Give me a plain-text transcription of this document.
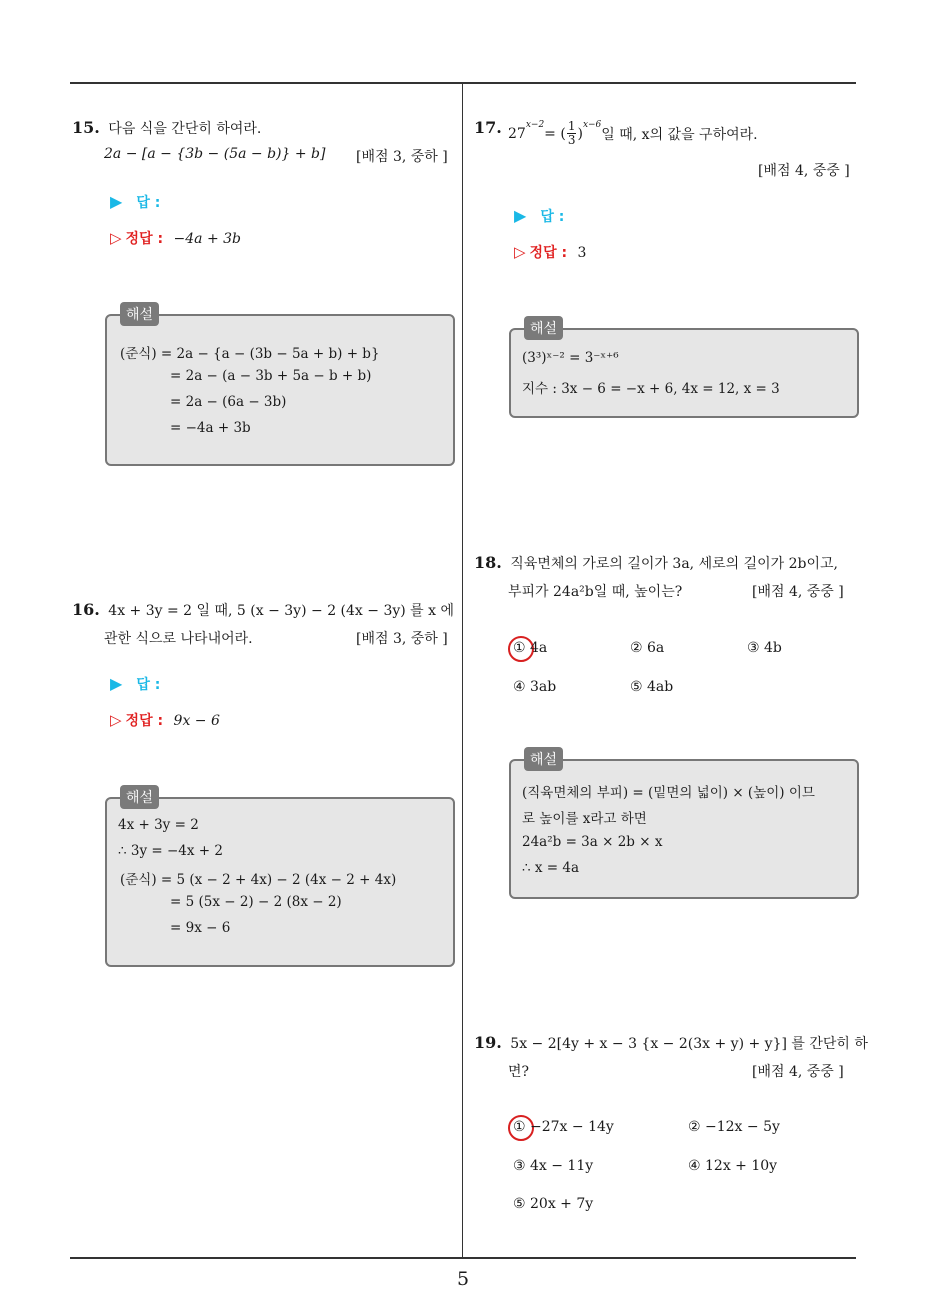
5
15. 다음 식을 간단히 하여라.
2a − [a − {3b − (5a − b)} + b] [배점 3, 중하 ]
▶ 답 :
▷ 정답 : −4a + 3b
해설
(준식) = 2a − {a − (3b − 5a + b) + b}
= 2a − (a − 3b + 5a − b + b)
= 2a − (6a − 3b)
= −4a + 3b
16. 4x + 3y = 2 일 때, 5 (x − 3y) − 2 (4x − 3y) 를 x 에
관한 식으로 나타내어라.	[배점 3, 중하 ]
▶ 답 :
▷ 정답 : 9x − 6
해설
4x + 3y = 2
∴ 3y = −4x + 2
(준식) = 5 (x − 2 + 4x) − 2 (4x − 2 + 4x)
= 5 (5x − 2) − 2 (8x − 2)
= 9x − 6
17. 27
$^{x-2}$
= ( 1
3 )
$^{x-6}$
일 때, x의 값을 구하여라.
[배점 4, 중중 ]
▶ 답 :
▷ 정답 : 3
해설
(3³)ˣ⁻² = 3⁻ˣ⁺⁶
지수 : 3x − 6 = −x + 6, 4x = 12, x = 3
18. 직육면체의 가로의 길이가 3a, 세로의 길이가 2b이고,
부피가 24a²b일 때, 높이는?	[배점 4, 중중 ]
① 4a	② 6a	③ 4b
④ 3ab	⑤ 4ab
해설
(직육면체의 부피) = (밑면의 넓이) × (높이) 이므
로 높이를 x라고 하면
24a²b = 3a × 2b × x
∴ x = 4a
19. 5x − 2[4y + x − 3 {x − 2(3x + y) + y}] 를 간단히 하
면?	[배점 4, 중중 ]
① −27x − 14y	② −12x − 5y
③ 4x − 11y	④ 12x + 10y
⑤ 20x + 7y
